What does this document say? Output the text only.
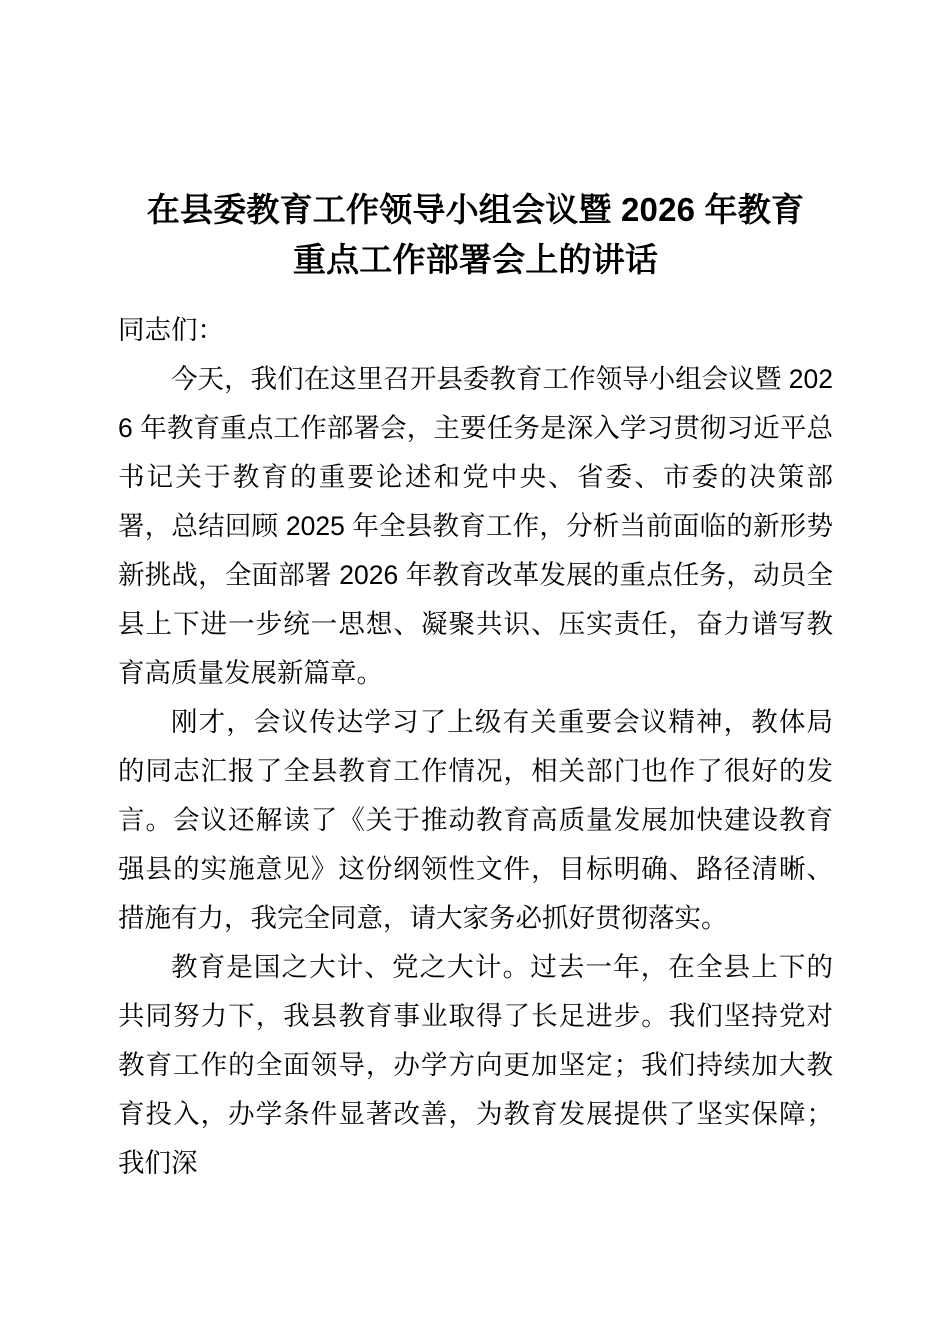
在县委教育工作领导小组会议暨 2026 年教育
重点工作部署会上的讲话

同志们：

今天，我们在这里召开县委教育工作领导小组会议暨 2026 年教育重点工作部署会，主要任务是深入学习贯彻习近平总书记关于教育的重要论述和党中央、省委、市委的决策部署，总结回顾 2025 年全县教育工作，分析当前面临的新形势新挑战，全面部署 2026 年教育改革发展的重点任务，动员全县上下进一步统一思想、凝聚共识、压实责任，奋力谱写教育高质量发展新篇章。

刚才，会议传达学习了上级有关重要会议精神，教体局的同志汇报了全县教育工作情况，相关部门也作了很好的发言。会议还解读了《关于推动教育高质量发展加快建设教育强县的实施意见》这份纲领性文件，目标明确、路径清晰、措施有力，我完全同意，请大家务必抓好贯彻落实。

教育是国之大计、党之大计。过去一年，在全县上下的共同努力下，我县教育事业取得了长足进步。我们坚持党对教育工作的全面领导，办学方向更加坚定；我们持续加大教育投入，办学条件显著改善，为教育发展提供了坚实保障；我们深
